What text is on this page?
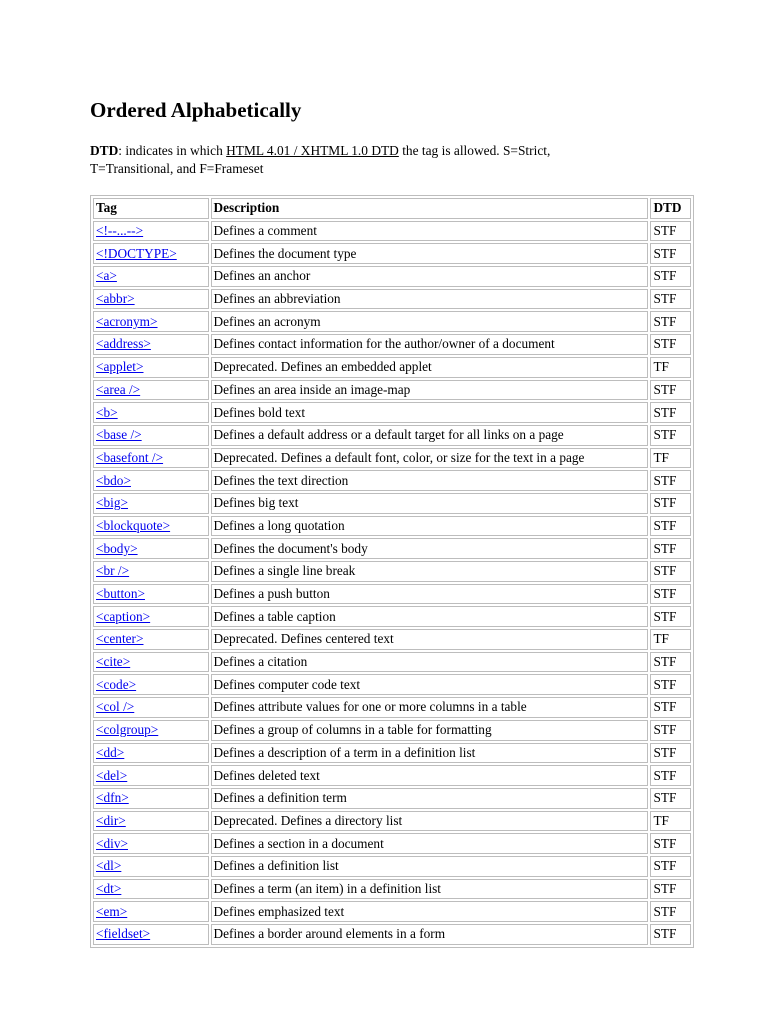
Ordered Alphabetically
DTD: indicates in which HTML 4.01 / XHTML 1.0 DTD the tag is allowed. S=Strict,
T=Transitional, and F=Frameset
Tag	Description	DTD
<!--...-->	Defines a comment	STF
<!DOCTYPE>	Defines the document type	STF
<a>	Defines an anchor	STF
<abbr>	Defines an abbreviation	STF
<acronym>	Defines an acronym	STF
<address>	Defines contact information for the author/owner of a document	STF
<applet>	Deprecated. Defines an embedded applet	TF
<area />	Defines an area inside an image-map	STF
<b>	Defines bold text	STF
<base />	Defines a default address or a default target for all links on a page	STF
<basefont />	Deprecated. Defines a default font, color, or size for the text in a page	TF
<bdo>	Defines the text direction	STF
<big>	Defines big text	STF
<blockquote>	Defines a long quotation	STF
<body>	Defines the document's body	STF
<br />	Defines a single line break	STF
<button>	Defines a push button	STF
<caption>	Defines a table caption	STF
<center>	Deprecated. Defines centered text	TF
<cite>	Defines a citation	STF
<code>	Defines computer code text	STF
<col />	Defines attribute values for one or more columns in a table	STF
<colgroup>	Defines a group of columns in a table for formatting	STF
<dd>	Defines a description of a term in a definition list	STF
<del>	Defines deleted text	STF
<dfn>	Defines a definition term	STF
<dir>	Deprecated. Defines a directory list	TF
<div>	Defines a section in a document	STF
<dl>	Defines a definition list	STF
<dt>	Defines a term (an item) in a definition list	STF
<em>	Defines emphasized text	STF
<fieldset>	Defines a border around elements in a form	STF
